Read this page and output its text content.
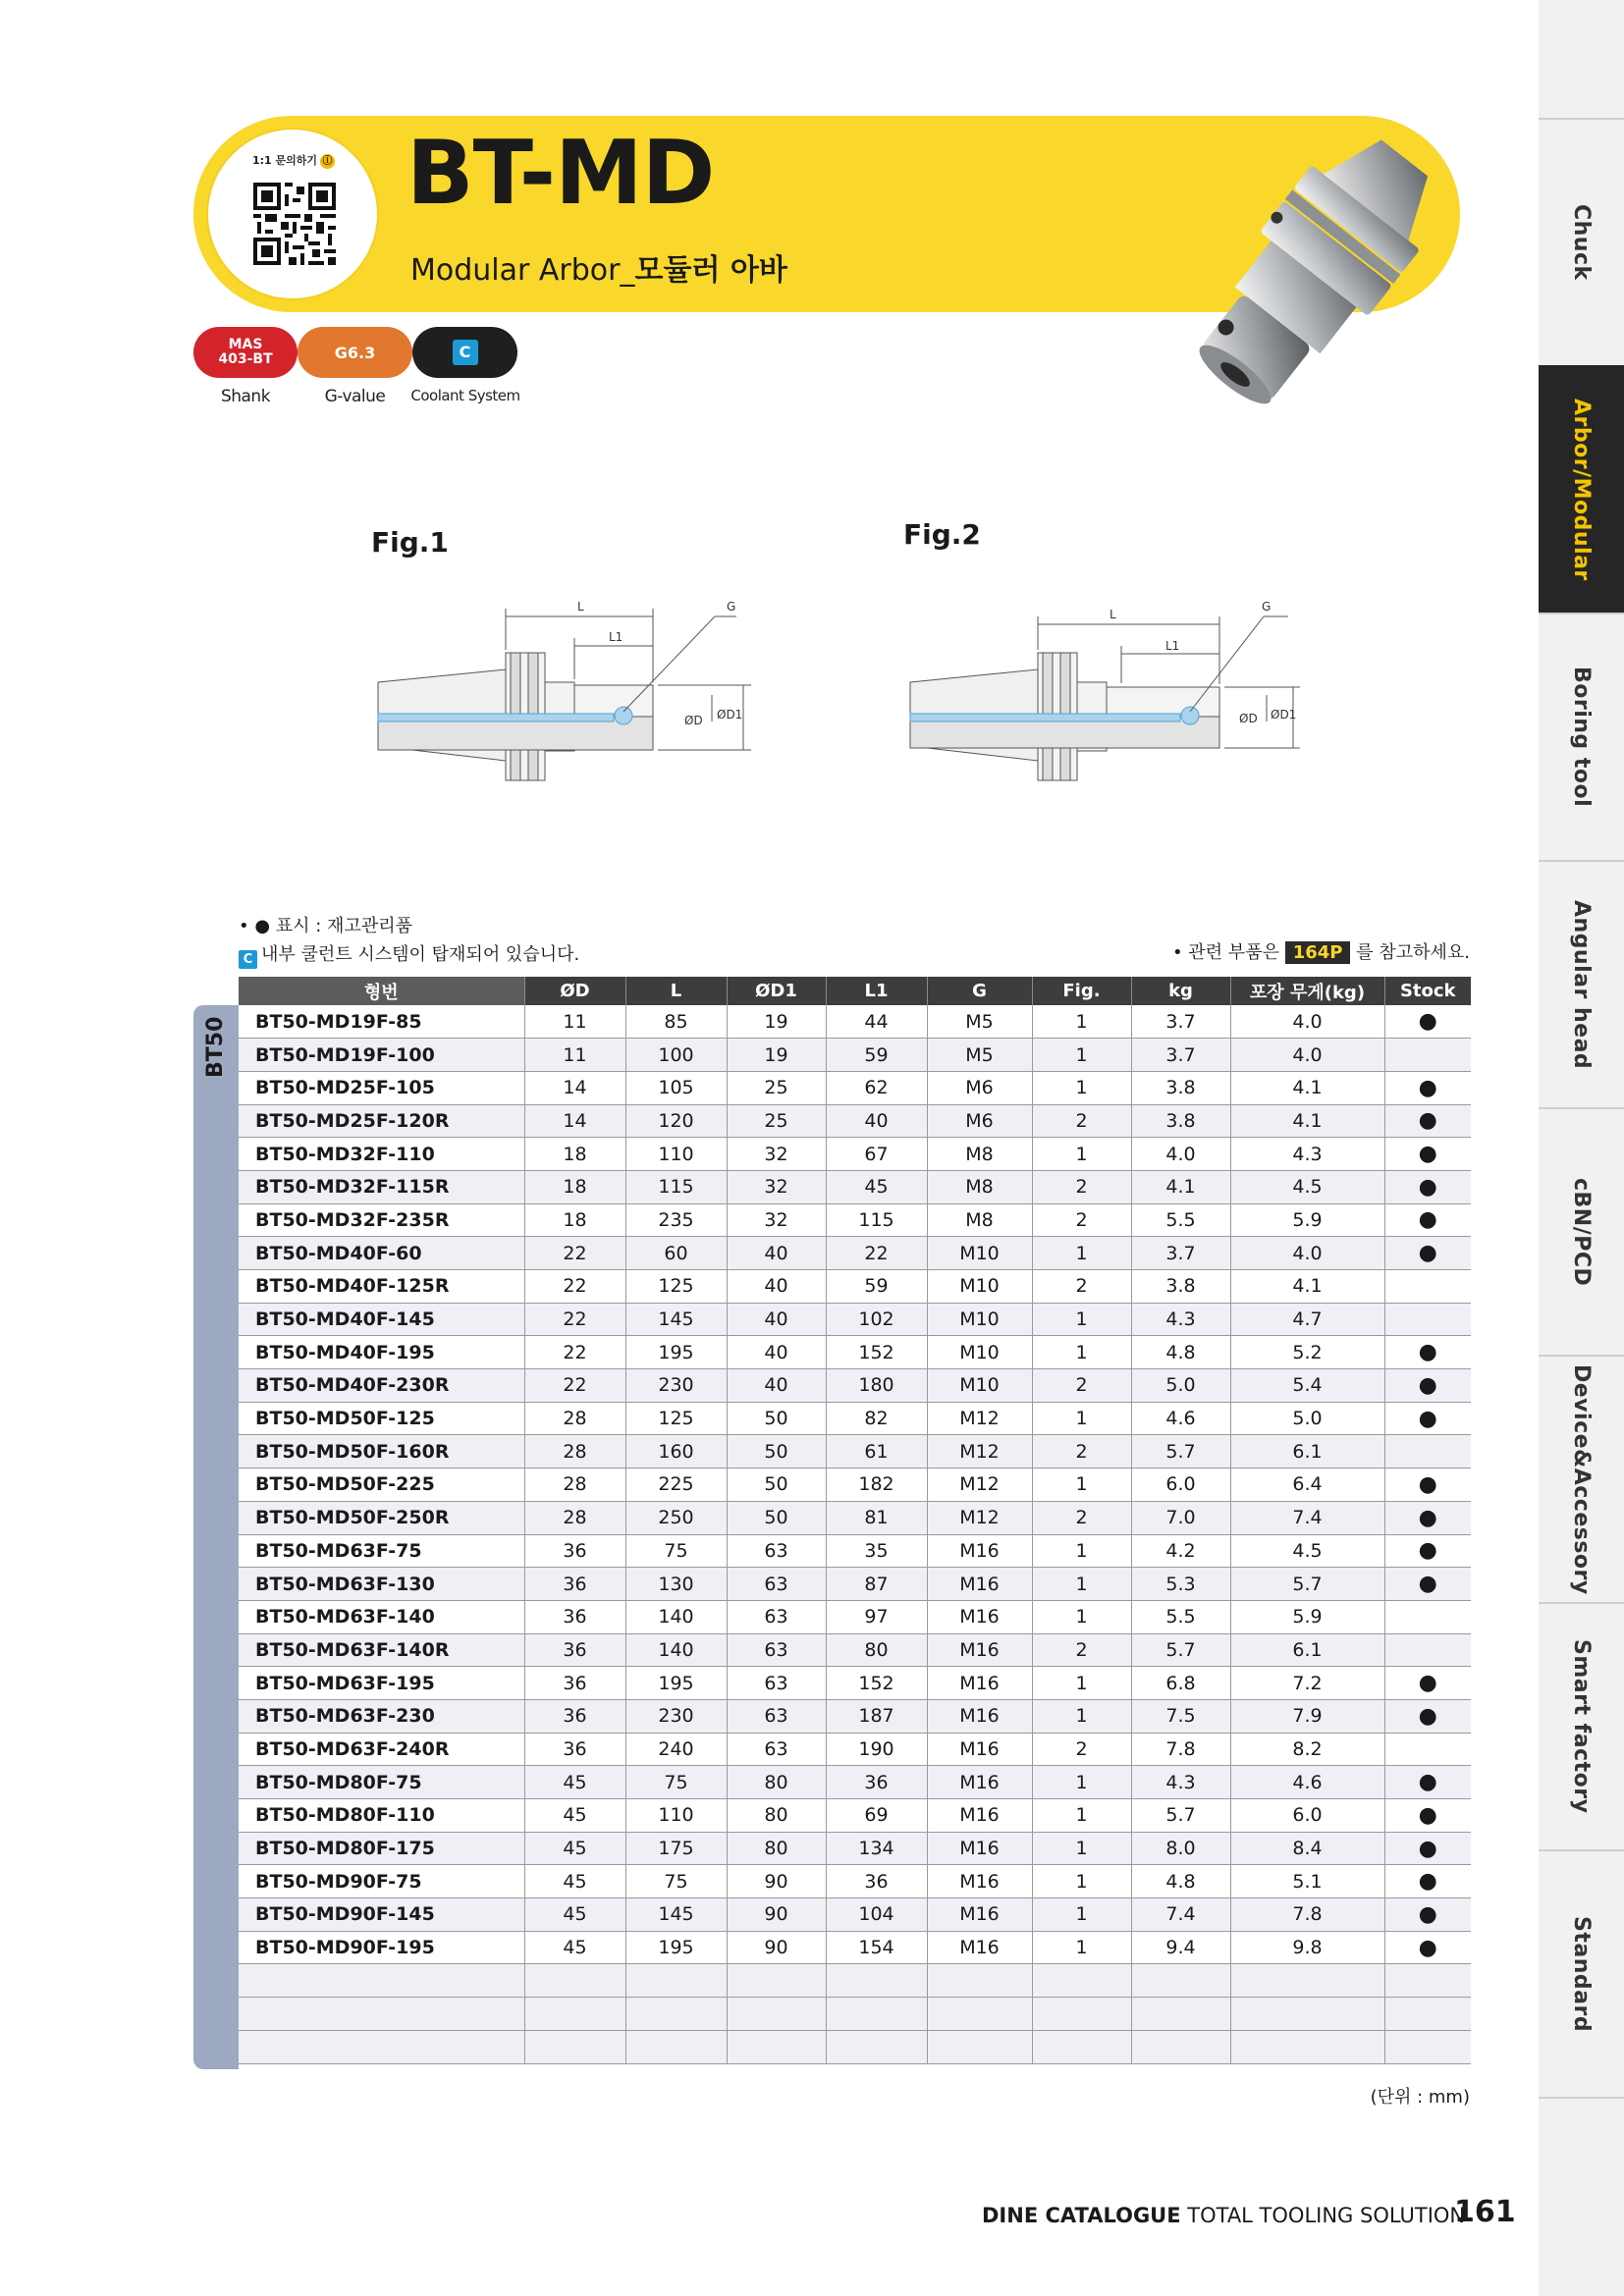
Chuck
Arbor/Modular
Boring tool
Angular head
cBN/PCD
Device&Accessory
Smart factory
Standard
1:1 문의하기 ⓘ BT-MD
Modular Arbor_모듈러 아바
MAS
403-BT	G6.3	C
Shank	G-value	Coolant System
Fig.1	Fig.2
L
L1
G
ØD ØD1
L
L1
G
ØD ØD1
• ● 표시 : 재고관리품
C 내부 쿨런트 시스템이 탑재되어 있습니다.	• 관련 부품은 164P 를 참고하세요.
BT50
형번	ØD	L	ØD1	L1	G	Fig.	kg	포장 무게(kg)	Stock
BT50-MD19F-85	11	85	19	44	M5	1	3.7	4.0	●
BT50-MD19F-100	11	100	19	59	M5	1	3.7	4.0	
BT50-MD25F-105	14	105	25	62	M6	1	3.8	4.1	●
BT50-MD25F-120R	14	120	25	40	M6	2	3.8	4.1	●
BT50-MD32F-110	18	110	32	67	M8	1	4.0	4.3	●
BT50-MD32F-115R	18	115	32	45	M8	2	4.1	4.5	●
BT50-MD32F-235R	18	235	32	115	M8	2	5.5	5.9	●
BT50-MD40F-60	22	60	40	22	M10	1	3.7	4.0	●
BT50-MD40F-125R	22	125	40	59	M10	2	3.8	4.1	
BT50-MD40F-145	22	145	40	102	M10	1	4.3	4.7	
BT50-MD40F-195	22	195	40	152	M10	1	4.8	5.2	●
BT50-MD40F-230R	22	230	40	180	M10	2	5.0	5.4	●
BT50-MD50F-125	28	125	50	82	M12	1	4.6	5.0	●
BT50-MD50F-160R	28	160	50	61	M12	2	5.7	6.1	
BT50-MD50F-225	28	225	50	182	M12	1	6.0	6.4	●
BT50-MD50F-250R	28	250	50	81	M12	2	7.0	7.4	●
BT50-MD63F-75	36	75	63	35	M16	1	4.2	4.5	●
BT50-MD63F-130	36	130	63	87	M16	1	5.3	5.7	●
BT50-MD63F-140	36	140	63	97	M16	1	5.5	5.9	
BT50-MD63F-140R	36	140	63	80	M16	2	5.7	6.1	
BT50-MD63F-195	36	195	63	152	M16	1	6.8	7.2	●
BT50-MD63F-230	36	230	63	187	M16	1	7.5	7.9	●
BT50-MD63F-240R	36	240	63	190	M16	2	7.8	8.2	
BT50-MD80F-75	45	75	80	36	M16	1	4.3	4.6	●
BT50-MD80F-110	45	110	80	69	M16	1	5.7	6.0	●
BT50-MD80F-175	45	175	80	134	M16	1	8.0	8.4	●
BT50-MD90F-75	45	75	90	36	M16	1	4.8	5.1	●
BT50-MD90F-145	45	145	90	104	M16	1	7.4	7.8	●
BT50-MD90F-195	45	195	90	154	M16	1	9.4	9.8	●

(단위 : mm)
DINE CATALOGUE TOTAL TOOLING SOLUTION
161
